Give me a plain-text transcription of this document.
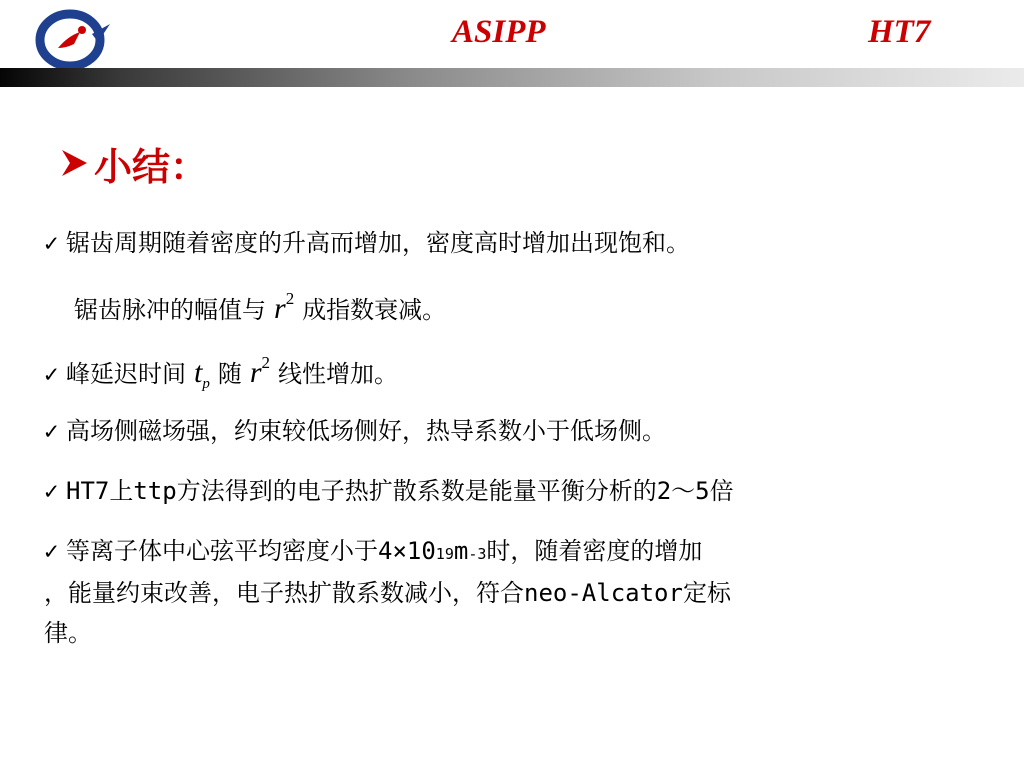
ASIPP	HT7
小结：
✓ 锯齿周期随着密度的升高而增加，密度高时增加出现饱和。
锯齿脉冲的幅值与 $r^2$ 成指数衰减。
✓ 峰延迟时间 $t_p$ 随 $r^2$ 线性增加。
✓ 高场侧磁场强，约束较低场侧好，热导系数小于低场侧。
✓ HT7上ttp方法得到的电子热扩散系数是能量平衡分析的2～5倍
✓ 等离子体中心弦平均密度小于4×10 19 m -3 时，随着密度的增加
，能量约束改善，电子热扩散系数减小，符合neo-Alcator定标
律。
